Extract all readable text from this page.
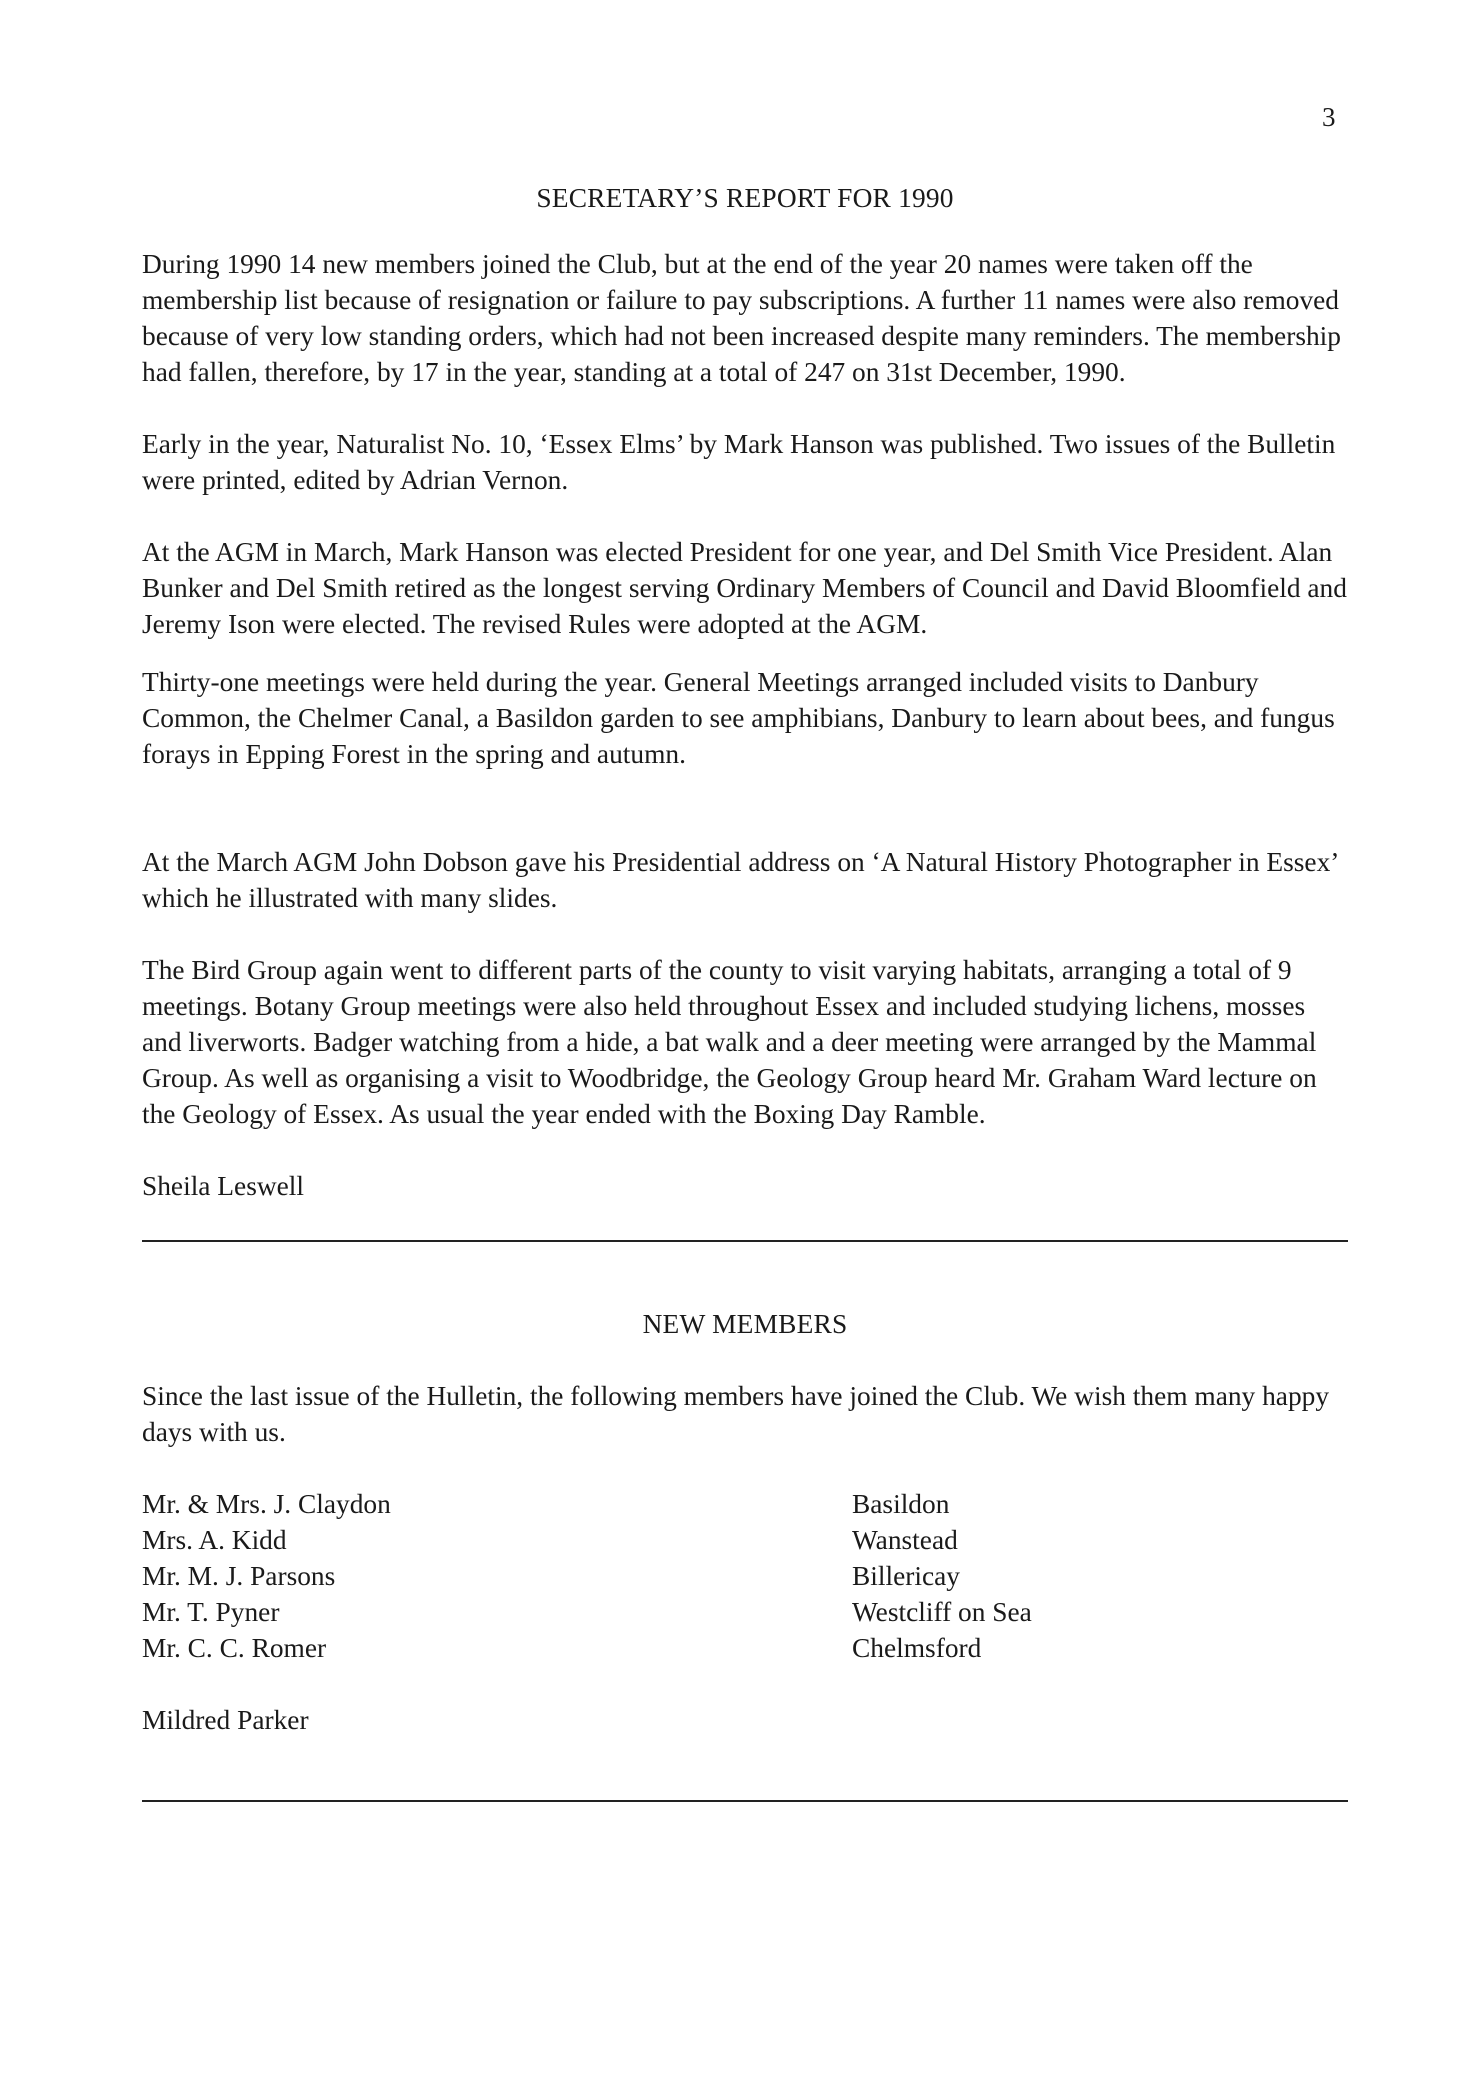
3
SECRETARY’S REPORT FOR 1990

During 1990 14 new members joined the Club, but at the end of the year 20 names were taken off the membership list because of resignation or failure to pay subscriptions. A further 11 names were also removed because of very low standing orders, which had not been increased despite many reminders. The membership had fallen, therefore, by 17 in the year, standing at a total of 247 on 31st December, 1990.

Early in the year, Naturalist No. 10, ‘Essex Elms’ by Mark Hanson was published. Two issues of the Bulletin were printed, edited by Adrian Vernon.

At the AGM in March, Mark Hanson was elected President for one year, and Del Smith Vice President. Alan Bunker and Del Smith retired as the longest serving Ordinary Members of Council and David Bloomfield and Jeremy Ison were elected. The revised Rules were adopted at the AGM.

Thirty-one meetings were held during the year. General Meetings arranged included visits to Danbury Common, the Chelmer Canal, a Basildon garden to see amphibians, Danbury to learn about bees, and fungus forays in Epping Forest in the spring and autumn.

At the March AGM John Dobson gave his Presidential address on ‘A Natural History Photographer in Essex’ which he illustrated with many slides.

The Bird Group again went to different parts of the county to visit varying habitats, arranging a total of 9 meetings. Botany Group meetings were also held throughout Essex and included studying lichens, mosses and liverworts. Badger watching from a hide, a bat walk and a deer meeting were arranged by the Mammal Group. As well as organising a visit to Woodbridge, the Geology Group heard Mr. Graham Ward lecture on the Geology of Essex. As usual the year ended with the Boxing Day Ramble.

Sheila Leswell

NEW MEMBERS

Since the last issue of the Hulletin, the following members have joined the Club. We wish them many happy days with us.

Mr. & Mrs. J. Claydon	Basildon
Mrs. A. Kidd	Wanstead
Mr. M. J. Parsons	Billericay
Mr. T. Pyner	Westcliff on Sea
Mr. C. C. Romer	Chelmsford

Mildred Parker
